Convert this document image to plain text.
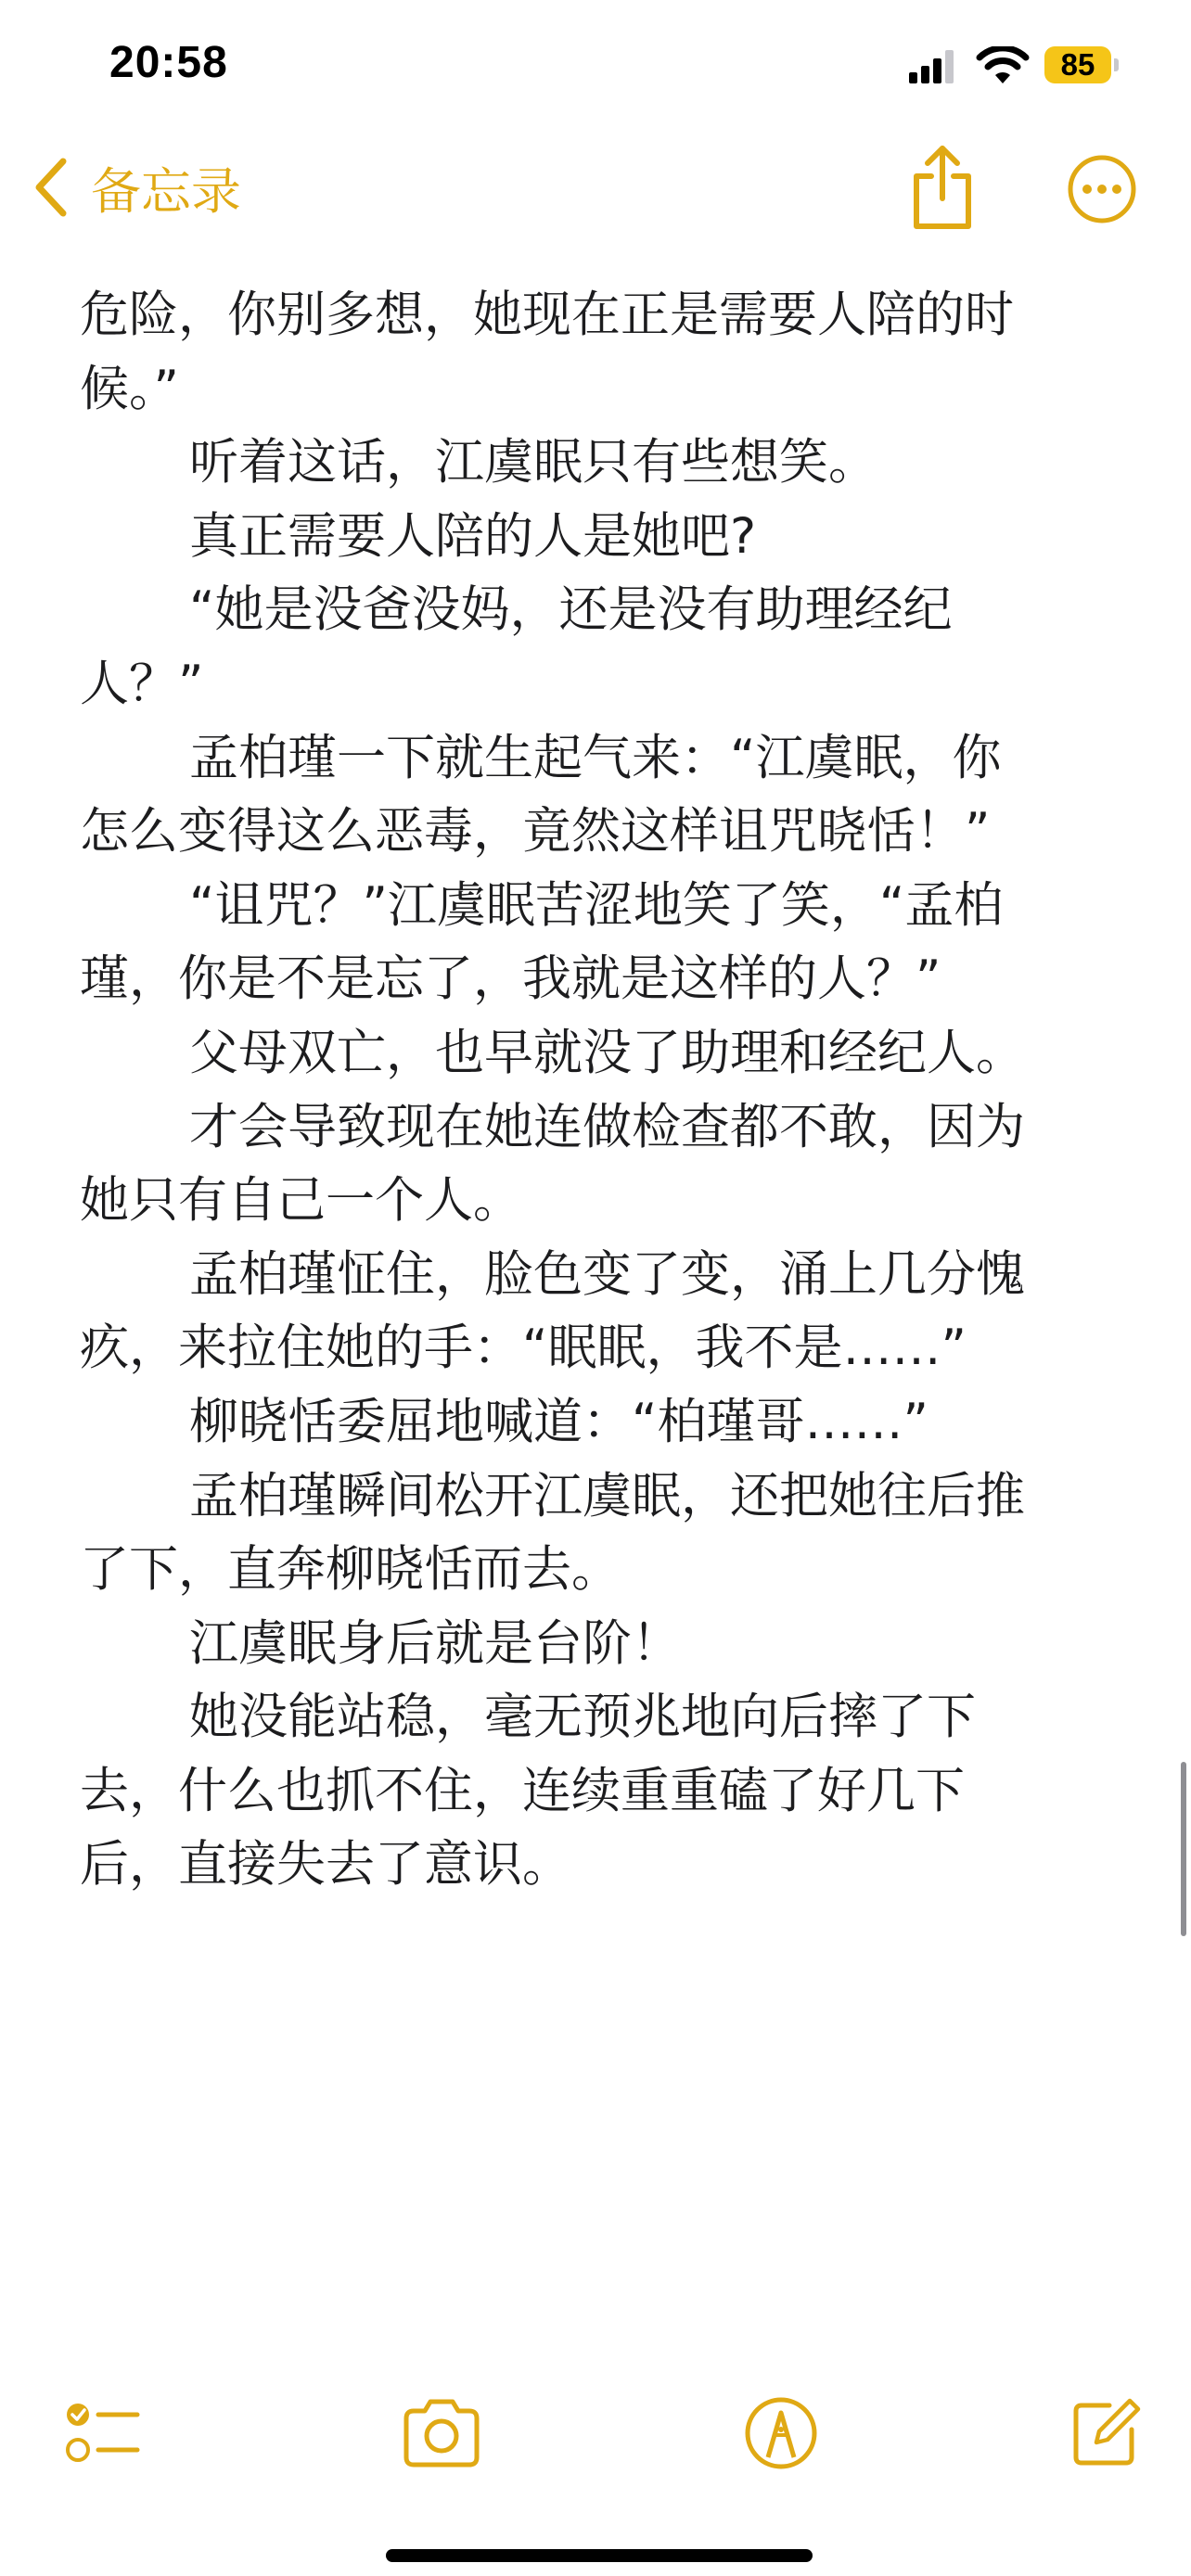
20:58	85
备忘录
危险，你别多想，她现在正是需要人陪的时
候。”
听着这话，江虞眠只有些想笑。
真正需要人陪的人是她吧?
“她是没爸没妈，还是没有助理经纪
人？”
孟柏瑾一下就生起气来：“江虞眠，你
怎么变得这么恶毒，竟然这样诅咒晓恬！”
“诅咒？”江虞眠苦涩地笑了笑，“孟柏
瑾，你是不是忘了，我就是这样的人？”
父母双亡，也早就没了助理和经纪人。
才会导致现在她连做检查都不敢，因为
她只有自己一个人。
孟柏瑾怔住，脸色变了变，涌上几分愧
疚，来拉住她的手：“眠眠，我不是……”
柳晓恬委屈地喊道：“柏瑾哥……”
孟柏瑾瞬间松开江虞眠，还把她往后推
了下，直奔柳晓恬而去。
江虞眠身后就是台阶！
她没能站稳，毫无预兆地向后摔了下
去，什么也抓不住，连续重重磕了好几下
后，直接失去了意识。
